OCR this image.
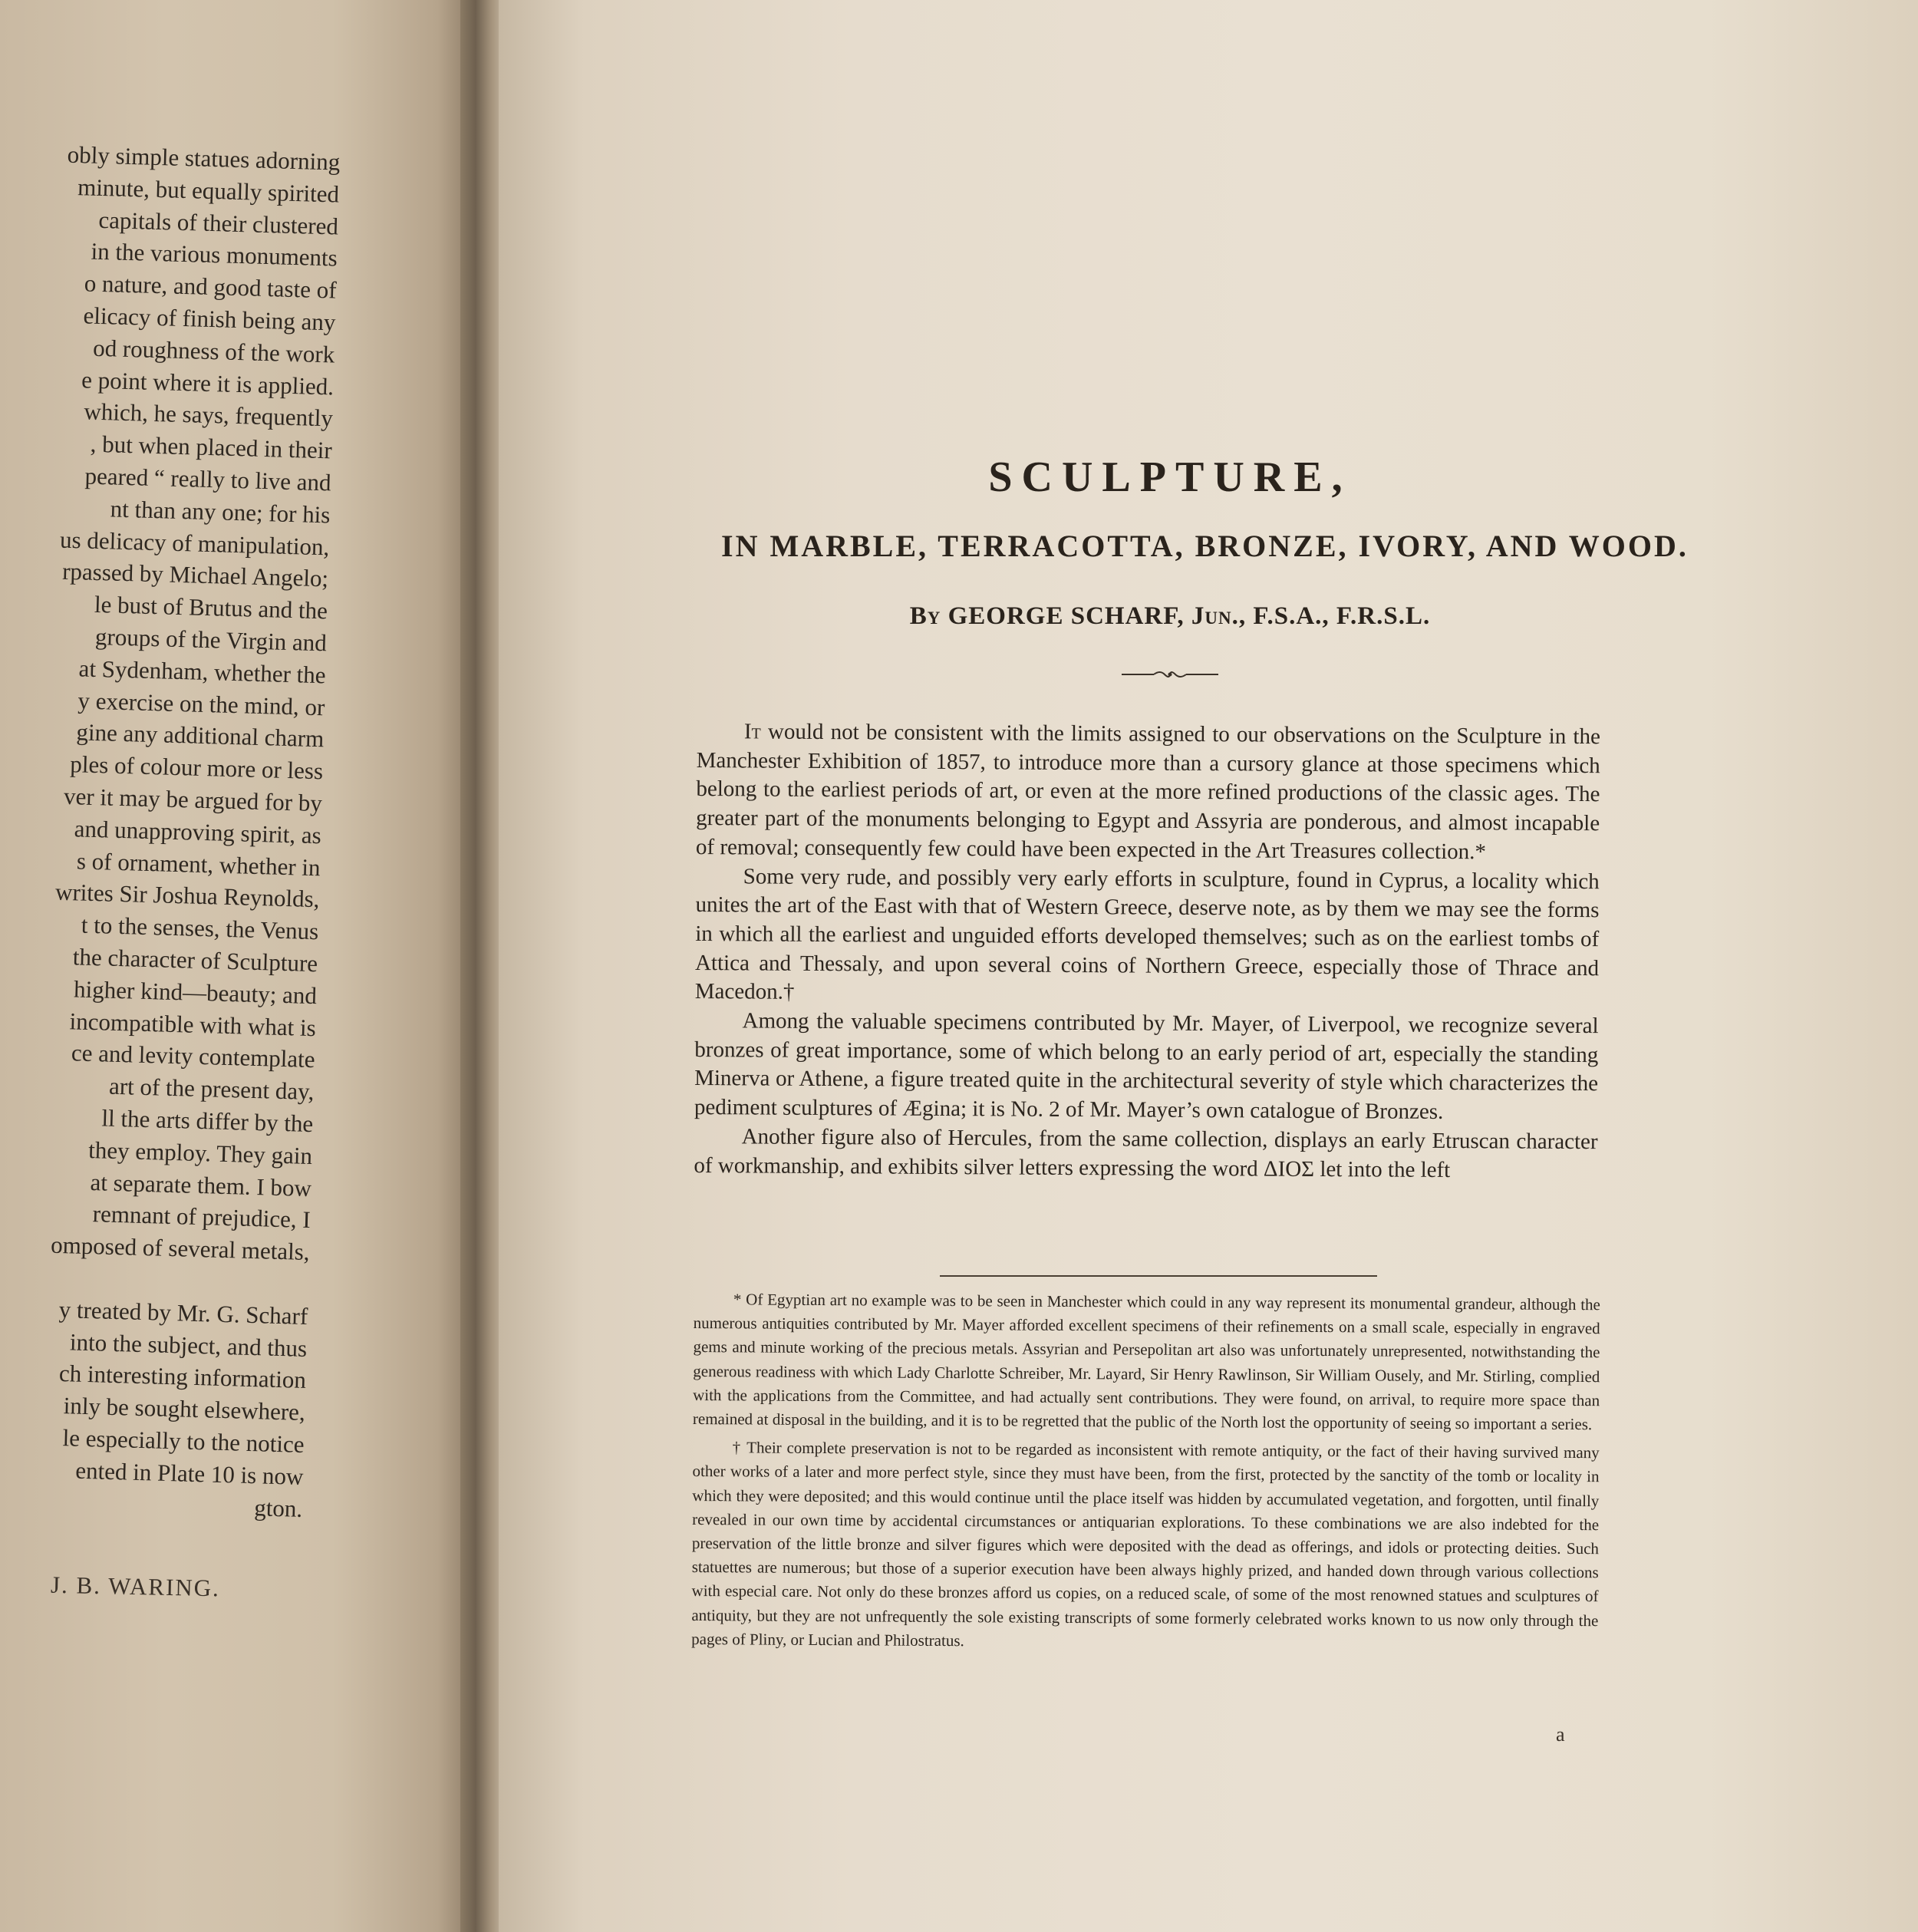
obly simple statues adorning
minute, but equally spirited
capitals of their clustered
in the various monuments
o nature, and good taste of
elicacy of finish being any
od roughness of the work
e point where it is applied.
which, he says, frequently
, but when placed in their
peared “ really to live and
nt than any one; for his
us delicacy of manipulation,
rpassed by Michael Angelo;
le bust of Brutus and the
groups of the Virgin and
at Sydenham, whether the
y exercise on the mind, or
gine any additional charm
ples of colour more or less
ver it may be argued for by
and unapproving spirit, as
s of ornament, whether in
writes Sir Joshua Reynolds,
t to the senses, the Venus
the character of Sculpture
higher kind—beauty; and
incompatible with what is
ce and levity contemplate
art of the present day,
ll the arts differ by the
they employ. They gain
at separate them. I bow
remnant of prejudice, I
omposed of several metals,
y treated by Mr. G. Scharf
into the subject, and thus
ch interesting information
inly be sought elsewhere,
le especially to the notice
ented in Plate 10 is now
gton.
J. B. WARING.
SCULPTURE,
IN MARBLE, TERRACOTTA, BRONZE, IVORY, AND WOOD.
By GEORGE SCHARF, Jun., F.S.A., F.R.S.L.

It would not be consistent with the limits assigned to our observations on the Sculpture in the Manchester Exhibition of 1857, to introduce more than a cursory glance at those specimens which belong to the earliest periods of art, or even at the more refined productions of the classic ages. The greater part of the monuments belonging to Egypt and Assyria are ponderous, and almost incapable of removal; consequently few could have been expected in the Art Treasures collection.*

Some very rude, and possibly very early efforts in sculpture, found in Cyprus, a locality which unites the art of the East with that of Western Greece, deserve note, as by them we may see the forms in which all the earliest and unguided efforts developed themselves; such as on the earliest tombs of Attica and Thessaly, and upon several coins of Northern Greece, especially those of Thrace and Macedon.†

Among the valuable specimens contributed by Mr. Mayer, of Liverpool, we recognize several bronzes of great importance, some of which belong to an early period of art, especially the standing Minerva or Athene, a figure treated quite in the architectural severity of style which characterizes the pediment sculptures of Ægina; it is No. 2 of Mr. Mayer’s own catalogue of Bronzes.

Another figure also of Hercules, from the same collection, displays an early Etruscan character of workmanship, and exhibits silver letters expressing the word ΔΙΟΣ let into the left

* Of Egyptian art no example was to be seen in Manchester which could in any way represent its monumental grandeur, although the numerous antiquities contributed by Mr. Mayer afforded excellent specimens of their refinements on a small scale, especially in engraved gems and minute working of the precious metals. Assyrian and Persepolitan art also was unfortunately unrepresented, notwithstanding the generous readiness with which Lady Charlotte Schreiber, Mr. Layard, Sir Henry Rawlinson, Sir William Ousely, and Mr. Stirling, complied with the applications from the Committee, and had actually sent contributions. They were found, on arrival, to require more space than remained at disposal in the building, and it is to be regretted that the public of the North lost the opportunity of seeing so important a series.

† Their complete preservation is not to be regarded as inconsistent with remote antiquity, or the fact of their having survived many other works of a later and more perfect style, since they must have been, from the first, protected by the sanctity of the tomb or locality in which they were deposited; and this would continue until the place itself was hidden by accumulated vegetation, and forgotten, until finally revealed in our own time by accidental circumstances or antiquarian explorations. To these combinations we are also indebted for the preservation of the little bronze and silver figures which were deposited with the dead as offerings, and idols or protecting deities. Such statuettes are numerous; but those of a superior execution have been always highly prized, and handed down through various collections with especial care. Not only do these bronzes afford us copies, on a reduced scale, of some of the most renowned statues and sculptures of antiquity, but they are not unfrequently the sole existing transcripts of some formerly celebrated works known to us now only through the pages of Pliny, or Lucian and Philostratus.

a
